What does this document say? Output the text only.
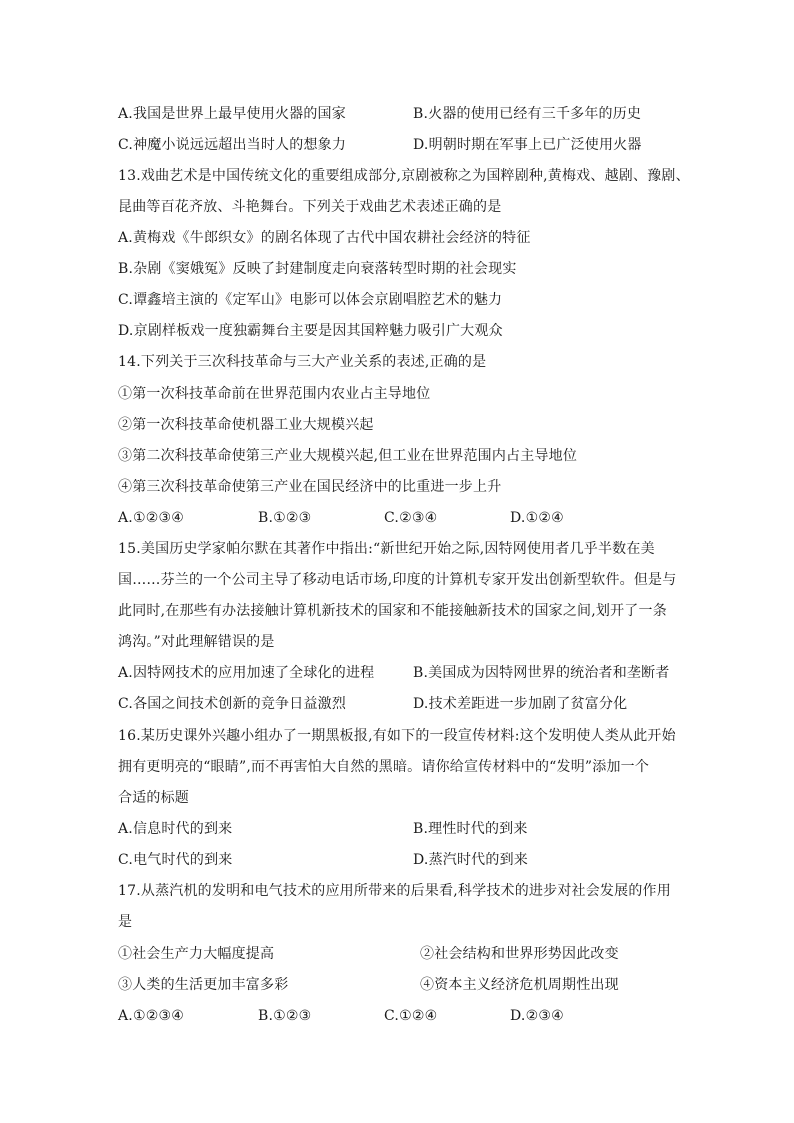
A.我国是世界上最早使用火器的国家	B.火器的使用已经有三千多年的历史
C.神魔小说远远超出当时人的想象力	D.明朝时期在军事上已广泛使用火器
13.戏曲艺术是中国传统文化的重要组成部分,京剧被称之为国粹剧种,黄梅戏、越剧、豫剧、
昆曲等百花齐放、斗艳舞台。下列关于戏曲艺术表述正确的是
A.黄梅戏《牛郎织女》的剧名体现了古代中国农耕社会经济的特征
B.杂剧《窦娥冤》反映了封建制度走向衰落转型时期的社会现实
C.谭鑫培主演的《定军山》电影可以体会京剧唱腔艺术的魅力
D.京剧样板戏一度独霸舞台主要是因其国粹魅力吸引广大观众
14.下列关于三次科技革命与三大产业关系的表述,正确的是
①第一次科技革命前在世界范围内农业占主导地位
②第一次科技革命使机器工业大规模兴起
③第二次科技革命使第三产业大规模兴起,但工业在世界范围内占主导地位
④第三次科技革命使第三产业在国民经济中的比重进一步上升
A.①②③④	B.①②③	C.②③④	D.①②④
15.美国历史学家帕尔默在其著作中指出:“新世纪开始之际,因特网使用者几乎半数在美
国……芬兰的一个公司主导了移动电话市场,印度的计算机专家开发出创新型软件。但是与
此同时,在那些有办法接触计算机新技术的国家和不能接触新技术的国家之间,划开了一条
鸿沟。”对此理解错误的是
A.因特网技术的应用加速了全球化的进程	B.美国成为因特网世界的统治者和垄断者
C.各国之间技术创新的竞争日益激烈	D.技术差距进一步加剧了贫富分化
16.某历史课外兴趣小组办了一期黑板报,有如下的一段宣传材料:这个发明使人类从此开始
拥有更明亮的“眼睛”,而不再害怕大自然的黑暗。请你给宣传材料中的“发明”添加一个
合适的标题
A.信息时代的到来	B.理性时代的到来
C.电气时代的到来	D.蒸汽时代的到来
17.从蒸汽机的发明和电气技术的应用所带来的后果看,科学技术的进步对社会发展的作用
是
①社会生产力大幅度提高	②社会结构和世界形势因此改变
③人类的生活更加丰富多彩	④资本主义经济危机周期性出现
A.①②③④	B.①②③	C.①②④	D.②③④
